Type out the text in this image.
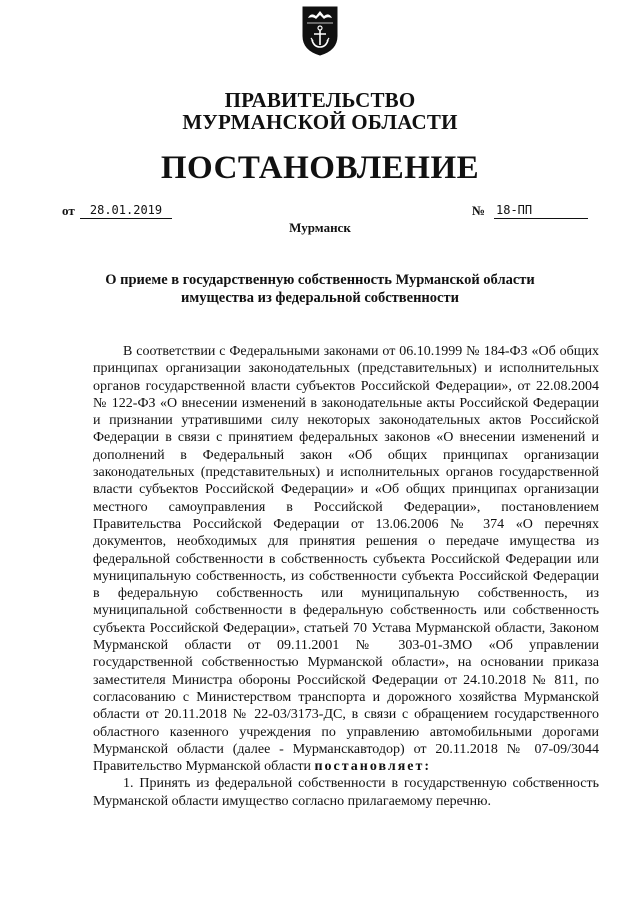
ПРАВИТЕЛЬСТВО
МУРМАНСКОЙ ОБЛАСТИ
ПОСТАНОВЛЕНИЕ
от	28.01.2019	№ 18-ПП
Мурманск
О приеме в государственную собственность Мурманской области
имущества из федеральной собственности

В соответствии с Федеральными законами от 06.10.1999 № 184-ФЗ «Об общих принципах организации законодательных (представительных) и исполнительных органов государственной власти субъектов Российской Федерации», от 22.08.2004 № 122-ФЗ «О внесении изменений в законодательные акты Российской Федерации и признании утратившими силу некоторых законодательных актов Российской Федерации в связи с принятием федеральных законов «О внесении изменений и дополнений в Федеральный закон «Об общих принципах организации законодательных (представительных) и исполнительных органов государственной власти субъектов Российской Федерации» и «Об общих принципах организации местного самоуправления в Российской Федерации», постановлением Правительства Российской Федерации от 13.06.2006 № 374 «О перечнях документов, необходимых для принятия решения о передаче имущества из федеральной собственности в собственность субъекта Российской Федерации или муниципальную собственность, из собственности субъекта Российской Федерации в федеральную собственность или муниципальную собственность, из муниципальной собственности в федеральную собственность или собственность субъекта Российской Федерации», статьей 70 Устава Мурманской области, Законом Мурманской области от 09.11.2001 № 303-01-ЗМО «Об управлении государственной собственностью Мурманской области», на основании приказа заместителя Министра обороны Российской Федерации от 24.10.2018 № 811, по согласованию с Министерством транспорта и дорожного хозяйства Мурманской области от 20.11.2018 № 22-03/3173-ДС, в связи с обращением государственного областного казенного учреждения по управлению автомобильными дорогами Мурманской области (далее - Мурманскавтодор) от 20.11.2018 № 07-09/3044 Правительство Мурманской области постановляет:

1. Принять из федеральной собственности в государственную собственность Мурманской области имущество согласно прилагаемому перечню.
